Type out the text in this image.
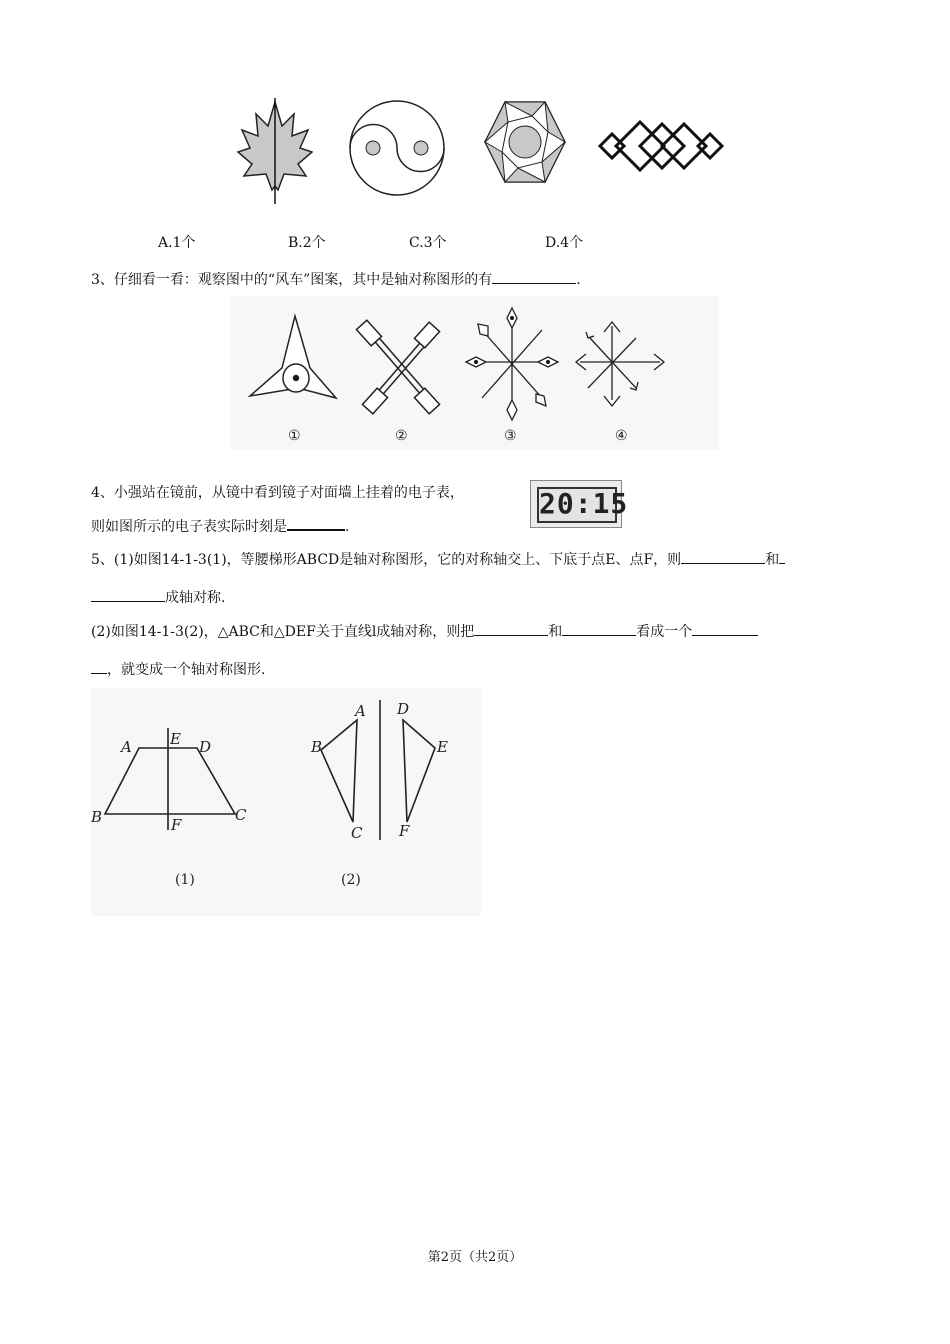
A.1个	B.2个	C.3个	D.4个
3、仔细看一看：观察图中的“风车”图案，其中是轴对称图形的有	.
①	②	③	④
4、小强站在镜前，从镜中看到镜子对面墙上挂着的电子表，
则如图所示的电子表实际时刻是	.
20:15
5、(1)如图14-1-3(1)，等腰梯形ABCD是轴对称图形，它的对称轴交上、下底于点E、点F，则	和
成轴对称.
(2)如图14-1-3(2)，△ABC和△DEF关于直线l成轴对称，则把	和	看成一个
，就变成一个轴对称图形.
A	E D
B	F
C
A
B
C
D
E
F
(1)	(2)
第2页（共2页）
